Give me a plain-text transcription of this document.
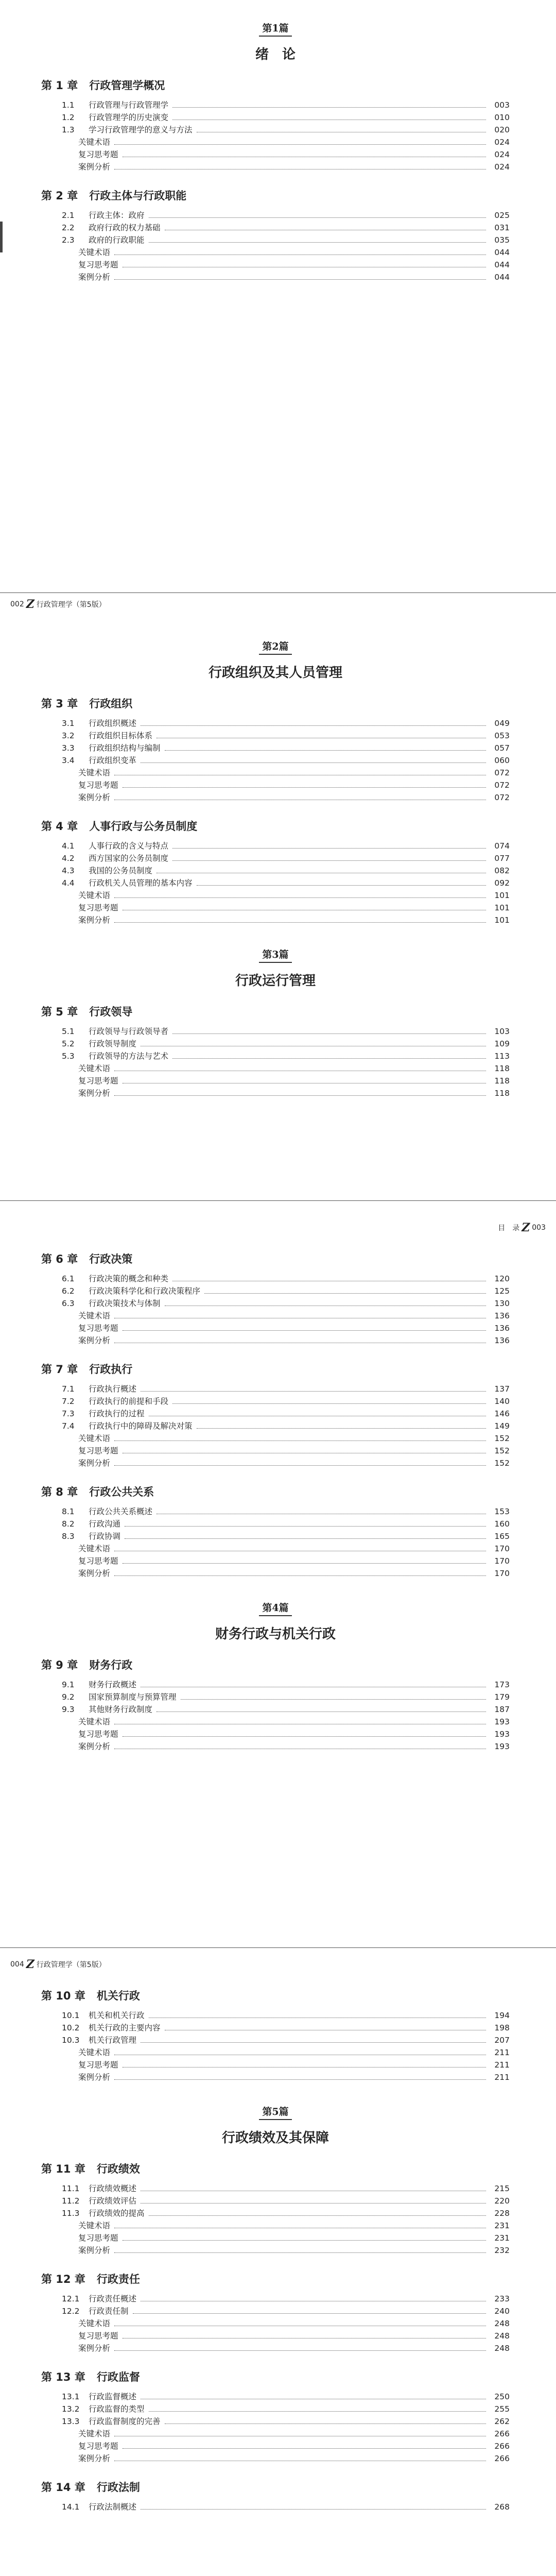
第1篇
绪　论
第 1 章 行政管理学概况
1.1	行政管理与行政管理学	003
1.2	行政管理学的历史演变	010
1.3	学习行政管理学的意义与方法	020
关键术语	024
复习思考题	024
案例分析	024
第 2 章 行政主体与行政职能
2.1	行政主体：政府	025
2.2	政府行政的权力基础	031
2.3	政府的行政职能	035
关键术语	044
复习思考题	044
案例分析	044
002 Z 行政管理学（第5版）
第2篇
行政组织及其人员管理
第 3 章 行政组织
3.1	行政组织概述	049
3.2	行政组织目标体系	053
3.3	行政组织结构与编制	057
3.4	行政组织变革	060
关键术语	072
复习思考题	072
案例分析	072
第 4 章 人事行政与公务员制度
4.1	人事行政的含义与特点	074
4.2	西方国家的公务员制度	077
4.3	我国的公务员制度	082
4.4	行政机关人员管理的基本内容	092
关键术语	101
复习思考题	101
案例分析	101
第3篇
行政运行管理
第 5 章 行政领导
5.1	行政领导与行政领导者	103
5.2	行政领导制度	109
5.3	行政领导的方法与艺术	113
关键术语	118
复习思考题	118
案例分析	118
目　录 Z 003
第 6 章 行政决策
6.1	行政决策的概念和种类	120
6.2	行政决策科学化和行政决策程序	125
6.3	行政决策技术与体制	130
关键术语	136
复习思考题	136
案例分析	136
第 7 章 行政执行
7.1	行政执行概述	137
7.2	行政执行的前提和手段	140
7.3	行政执行的过程	146
7.4	行政执行中的障碍及解决对策	149
关键术语	152
复习思考题	152
案例分析	152
第 8 章 行政公共关系
8.1	行政公共关系概述	153
8.2	行政沟通	160
8.3	行政协调	165
关键术语	170
复习思考题	170
案例分析	170
第4篇
财务行政与机关行政
第 9 章 财务行政
9.1	财务行政概述	173
9.2	国家预算制度与预算管理	179
9.3	其他财务行政制度	187
关键术语	193
复习思考题	193
案例分析	193
004 Z 行政管理学（第5版）
第 10 章 机关行政
10.1	机关和机关行政	194
10.2	机关行政的主要内容	198
10.3	机关行政管理	207
关键术语	211
复习思考题	211
案例分析	211
第5篇
行政绩效及其保障
第 11 章 行政绩效
11.1	行政绩效概述	215
11.2	行政绩效评估	220
11.3	行政绩效的提高	228
关键术语	231
复习思考题	231
案例分析	232
第 12 章 行政责任
12.1	行政责任概述	233
12.2	行政责任制	240
关键术语	248
复习思考题	248
案例分析	248
第 13 章 行政监督
13.1	行政监督概述	250
13.2	行政监督的类型	255
13.3	行政监督制度的完善	262
关键术语	266
复习思考题	266
案例分析	266
第 14 章 行政法制
14.1	行政法制概述	268
